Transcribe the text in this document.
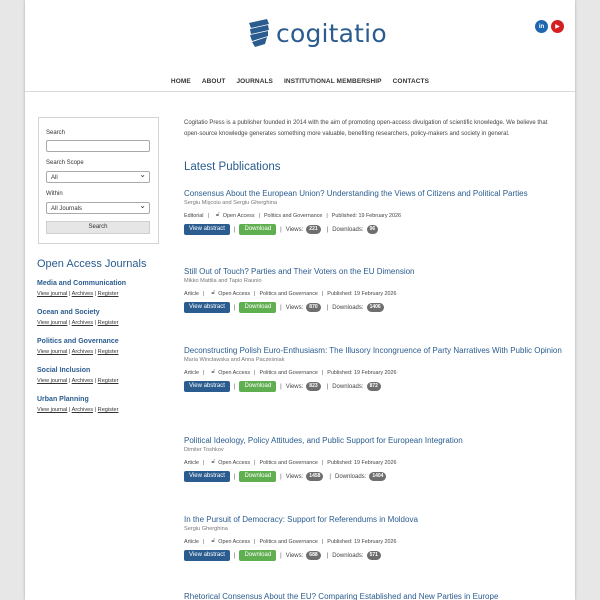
cogitatio	in	▶
HOME ABOUT JOURNALS INSTITUTIONAL MEMBERSHIP CONTACTS
Search
Search Scope
All ⌄
Within
All Journals ⌄
Search
Open Access Journals
Media and Communication
View journal | Archives | Register
Ocean and Society
View journal | Archives | Register
Politics and Governance
View journal | Archives | Register
Social Inclusion
View journal | Archives | Register
Urban Planning
View journal | Archives | Register
Cogitatio Press is a publisher founded in 2014 with the aim of promoting open-access divulgation of scientific knowledge. We believe that open-source knowledge generates something more valuable, benefiting researchers, policy-makers and society in general.
Latest Publications
Consensus About the European Union? Understanding the Views of Citizens and Political Parties
Sergiu Mişcoiu and Sergiu Gherghina
Editorial | 🔓︎ Open Access | Politics and Governance | Published: 19 February 2026
View abstract	|	Download	| Views:	221	| Downloads:	96
Still Out of Touch? Parties and Their Voters on the EU Dimension
Mikko Mattila and Tapio Raunio
Article | 🔓︎ Open Access | Politics and Governance | Published: 19 February 2026
View abstract	|	Download	| Views:	870	| Downloads:	1406
Deconstructing Polish Euro-Enthusiasm: The Illusory Incongruence of Party Narratives With Public Opinion
Maria Wincławska and Anna Pacześniak
Article | 🔓︎ Open Access | Politics and Governance | Published: 19 February 2026
View abstract	|	Download	| Views:	823	| Downloads:	872
Political Ideology, Policy Attitudes, and Public Support for European Integration
Dimiter Toshkov
Article | 🔓︎ Open Access | Politics and Governance | Published: 19 February 2026
View abstract	|	Download	| Views:	1458	| Downloads:	1404
In the Pursuit of Democracy: Support for Referendums in Moldova
Sergiu Gherghina
Article | 🔓︎ Open Access | Politics and Governance | Published: 19 February 2026
View abstract	|	Download	| Views:	688	| Downloads:	571
Rhetorical Consensus About the EU? Comparing Established and New Parties in Europe
